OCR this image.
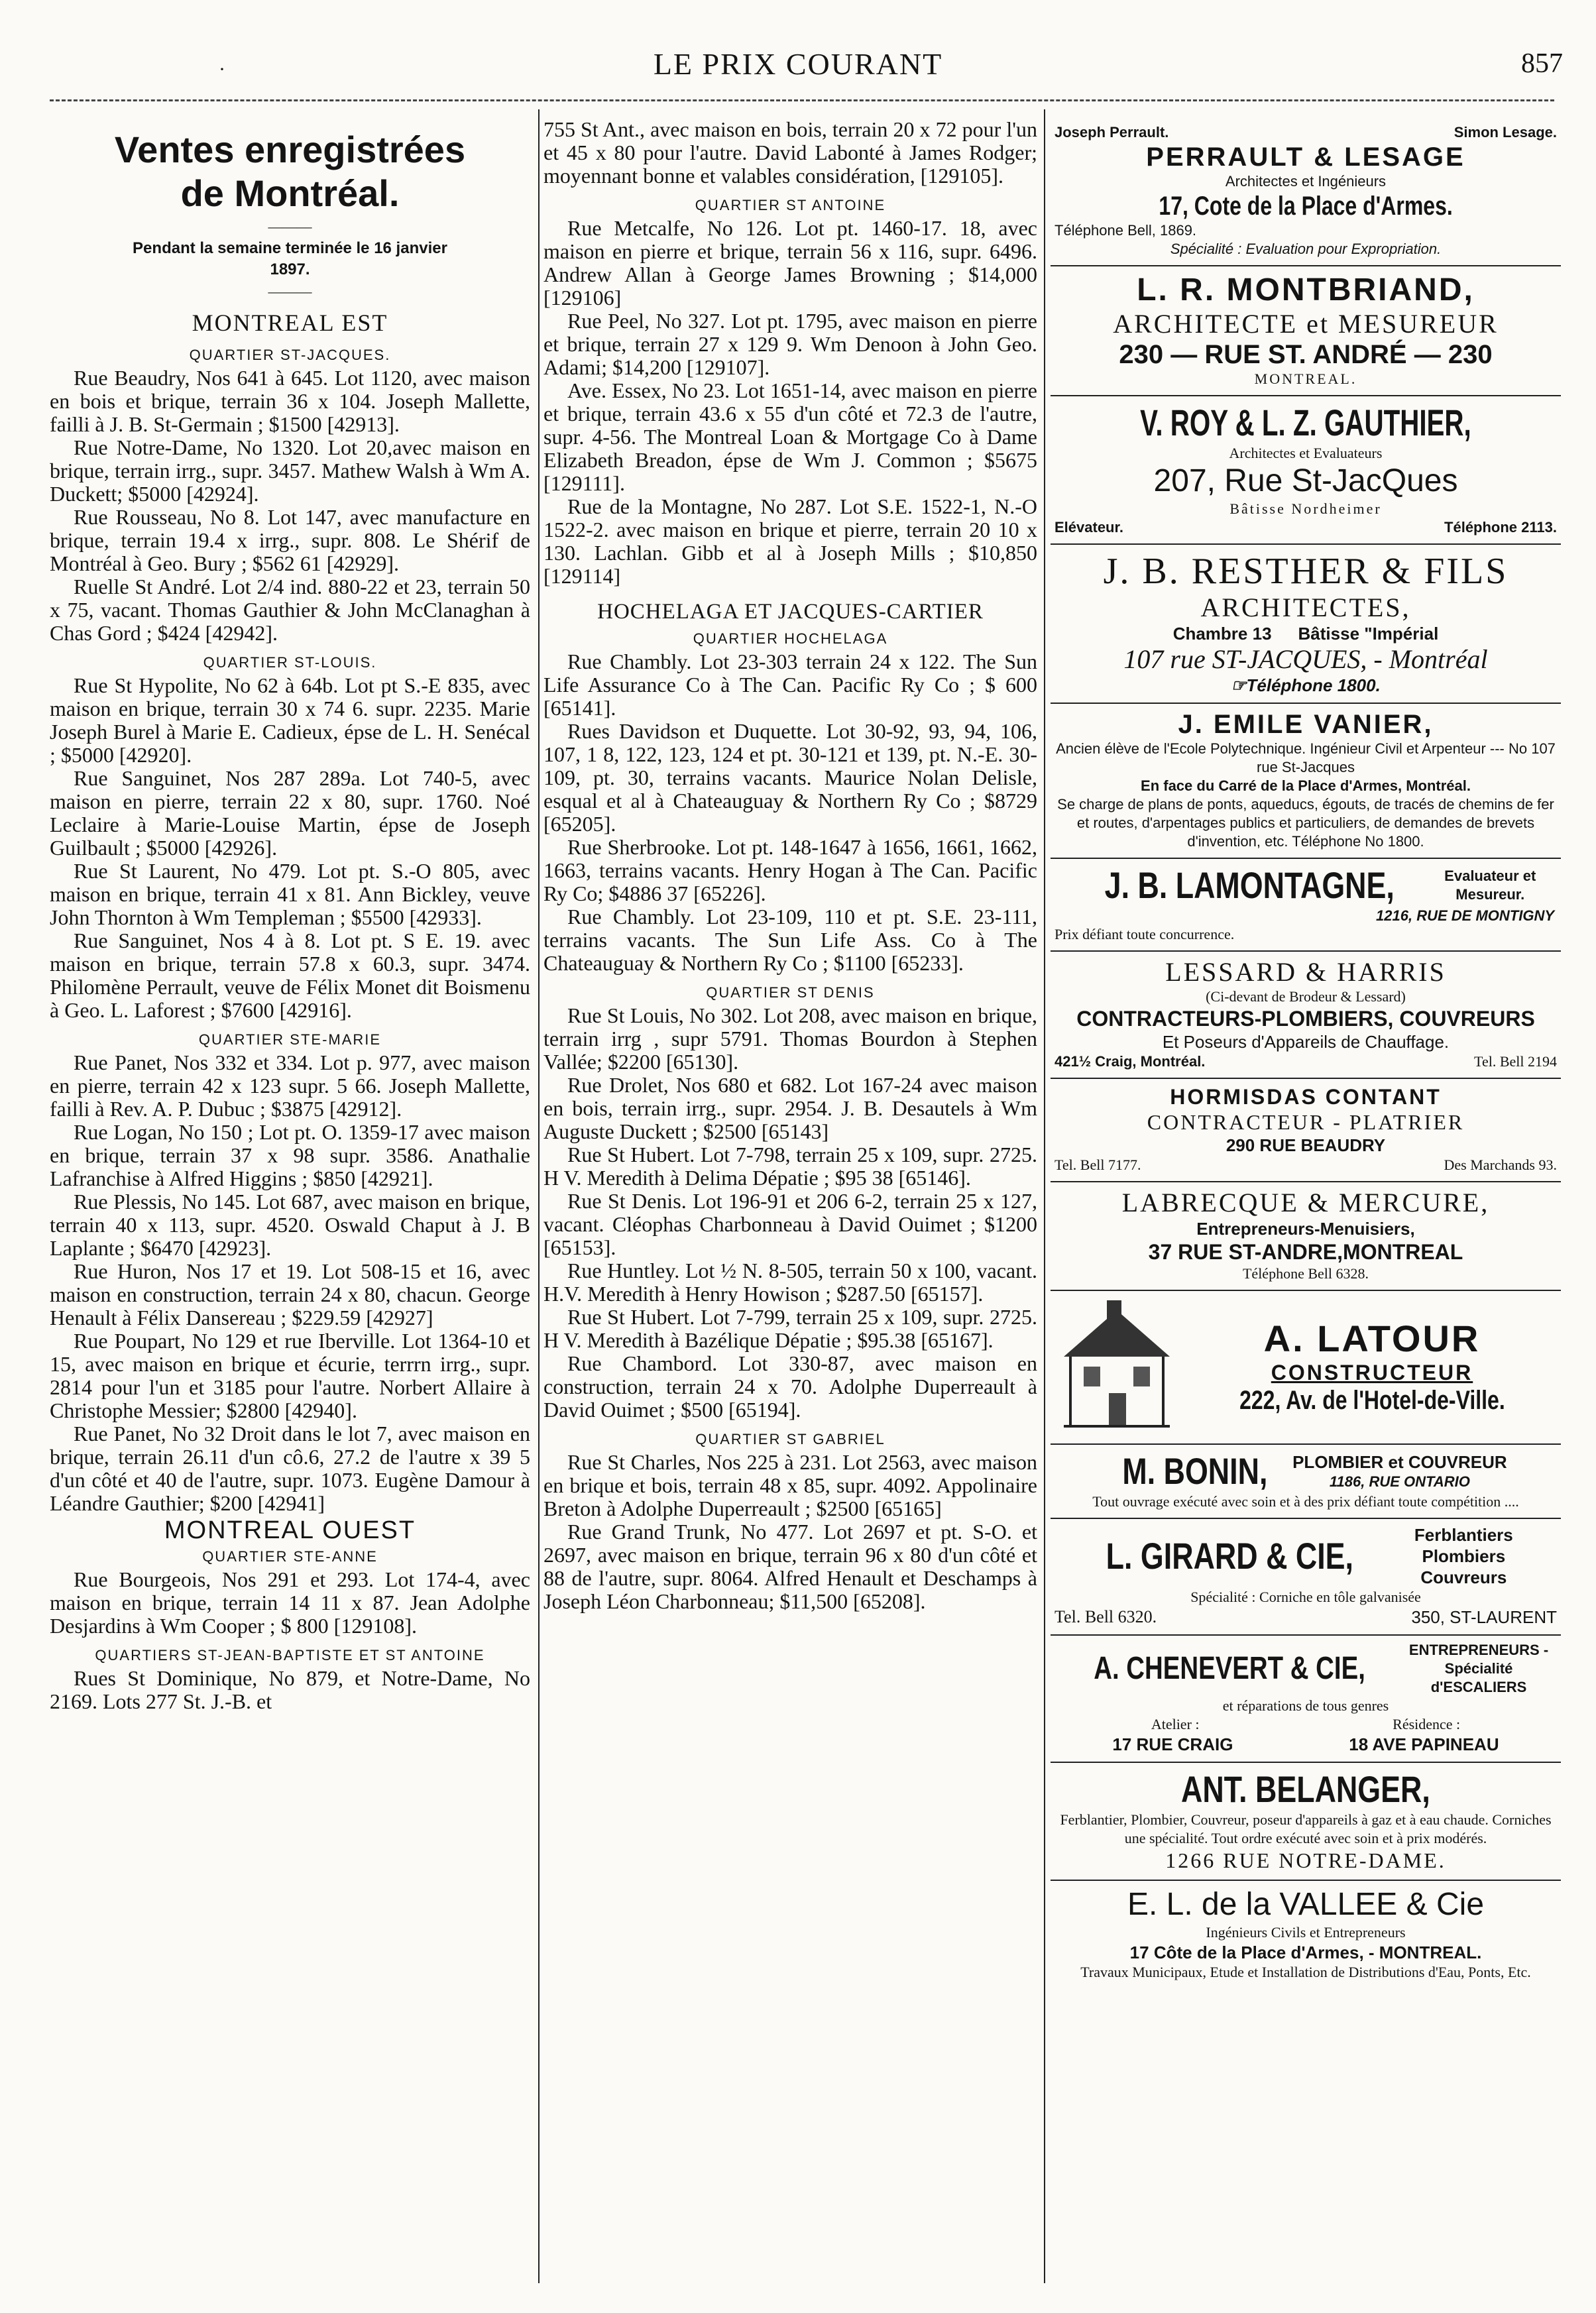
·	LE PRIX COURANT	857
Ventes enregistrées
de Montréal.
———
Pendant la semaine terminée le 16 janvier
1897.
———
MONTREAL EST
QUARTIER ST-JACQUES.

Rue Beaudry, Nos 641 à 645. Lot 1120, avec maison en bois et brique, terrain 36 x 104. Joseph Mallette, failli à J. B. St-Germain ; $1500 [42913].

Rue Notre-Dame, No 1320. Lot 20,avec maison en brique, terrain irrg., supr. 3457. Mathew Walsh à Wm A. Duckett; $5000 [42924].

Rue Rousseau, No 8. Lot 147, avec manufacture en brique, terrain 19.4 x irrg., supr. 808. Le Shérif de Montréal à Geo. Bury ; $562 61 [42929].

Ruelle St André. Lot 2/4 ind. 880-22 et 23, terrain 50 x 75, vacant. Thomas Gauthier & John McClanaghan à Chas Gord ; $424 [42942].

QUARTIER ST-LOUIS.

Rue St Hypolite, No 62 à 64b. Lot pt S.-E 835, avec maison en brique, terrain 30 x 74 6. supr. 2235. Marie Joseph Burel à Marie E. Cadieux, épse de L. H. Senécal ; $5000 [42920].

Rue Sanguinet, Nos 287 289a. Lot 740-5, avec maison en pierre, terrain 22 x 80, supr. 1760. Noé Leclaire à Marie-Louise Martin, épse de Joseph Guilbault ; $5000 [42926].

Rue St Laurent, No 479. Lot pt. S.-O 805, avec maison en brique, terrain 41 x 81. Ann Bickley, veuve John Thornton à Wm Templeman ; $5500 [42933].

Rue Sanguinet, Nos 4 à 8. Lot pt. S E. 19. avec maison en brique, terrain 57.8 x 60.3, supr. 3474. Philomène Perrault, veuve de Félix Monet dit Boismenu à Geo. L. Laforest ; $7600 [42916].

QUARTIER STE-MARIE

Rue Panet, Nos 332 et 334. Lot p. 977, avec maison en pierre, terrain 42 x 123 supr. 5 66. Joseph Mallette, failli à Rev. A. P. Dubuc ; $3875 [42912].

Rue Logan, No 150 ; Lot pt. O. 1359-17 avec maison en brique, terrain 37 x 98 supr. 3586. Anathalie Lafranchise à Alfred Higgins ; $850 [42921].

Rue Plessis, No 145. Lot 687, avec maison en brique, terrain 40 x 113, supr. 4520. Oswald Chaput à J. B Laplante ; $6470 [42923].

Rue Huron, Nos 17 et 19. Lot 508-15 et 16, avec maison en construction, terrain 24 x 80, chacun. George Henault à Félix Dansereau ; $229.59 [42927]

Rue Poupart, No 129 et rue Iberville. Lot 1364-10 et 15, avec maison en brique et écurie, terrrn irrg., supr. 2814 pour l'un et 3185 pour l'autre. Norbert Allaire à Christophe Messier; $2800 [42940].

Rue Panet, No 32 Droit dans le lot 7, avec maison en brique, terrain 26.11 d'un cô.6, 27.2 de l'autre x 39 5 d'un côté et 40 de l'autre, supr. 1073. Eugène Damour à Léandre Gauthier; $200 [42941]

MONTREAL OUEST
QUARTIER STE-ANNE

Rue Bourgeois, Nos 291 et 293. Lot 174-4, avec maison en brique, terrain 14 11 x 87. Jean Adolphe Desjardins à Wm Cooper ; $ 800 [129108].

QUARTIERS ST-JEAN-BAPTISTE ET ST ANTOINE

Rues St Dominique, No 879, et Notre-Dame, No 2169. Lots 277 St. J.-B. et

755 St Ant., avec maison en bois, terrain 20 x 72 pour l'un et 45 x 80 pour l'autre. David Labonté à James Rodger; moyennant bonne et valables considération, [129105].

QUARTIER ST ANTOINE

Rue Metcalfe, No 126. Lot pt. 1460-17. 18, avec maison en pierre et brique, terrain 56 x 116, supr. 6496. Andrew Allan à George James Browning ; $14,000 [129106]

Rue Peel, No 327. Lot pt. 1795, avec maison en pierre et brique, terrain 27 x 129 9. Wm Denoon à John Geo. Adami; $14,200 [129107].

Ave. Essex, No 23. Lot 1651-14, avec maison en pierre et brique, terrain 43.6 x 55 d'un côté et 72.3 de l'autre, supr. 4-56. The Montreal Loan & Mortgage Co à Dame Elizabeth Breadon, épse de Wm J. Common ; $5675 [129111].

Rue de la Montagne, No 287. Lot S.E. 1522-1, N.-O 1522-2. avec maison en brique et pierre, terrain 20 10 x 130. Lachlan. Gibb et al à Joseph Mills ; $10,850 [129114]

HOCHELAGA ET JACQUES-CARTIER
QUARTIER HOCHELAGA

Rue Chambly. Lot 23-303 terrain 24 x 122. The Sun Life Assurance Co à The Can. Pacific Ry Co ; $ 600 [65141].

Rues Davidson et Duquette. Lot 30-92, 93, 94, 106, 107, 1 8, 122, 123, 124 et pt. 30-121 et 139, pt. N.-E. 30-109, pt. 30, terrains vacants. Maurice Nolan Delisle, esqual et al à Chateauguay & Northern Ry Co ; $8729 [65205].

Rue Sherbrooke. Lot pt. 148-1647 à 1656, 1661, 1662, 1663, terrains vacants. Henry Hogan à The Can. Pacific Ry Co; $4886 37 [65226].

Rue Chambly. Lot 23-109, 110 et pt. S.E. 23-111, terrains vacants. The Sun Life Ass. Co à The Chateauguay & Northern Ry Co ; $1100 [65233].

QUARTIER ST DENIS

Rue St Louis, No 302. Lot 208, avec maison en brique, terrain irrg , supr 5791. Thomas Bourdon à Stephen Vallée; $2200 [65130].

Rue Drolet, Nos 680 et 682. Lot 167-24 avec maison en bois, terrain irrg., supr. 2954. J. B. Desautels à Wm Auguste Duckett ; $2500 [65143]

Rue St Hubert. Lot 7-798, terrain 25 x 109, supr. 2725. H V. Meredith à Delima Dépatie ; $95 38 [65146].

Rue St Denis. Lot 196-91 et 206 6-2, terrain 25 x 127, vacant. Cléophas Charbonneau à David Ouimet ; $1200 [65153].

Rue Huntley. Lot ½ N. 8-505, terrain 50 x 100, vacant. H.V. Meredith à Henry Howison ; $287.50 [65157].

Rue St Hubert. Lot 7-799, terrain 25 x 109, supr. 2725. H V. Meredith à Bazélique Dépatie ; $95.38 [65167].

Rue Chambord. Lot 330-87, avec maison en construction, terrain 24 x 70. Adolphe Duperreault à David Ouimet ; $500 [65194].

QUARTIER ST GABRIEL

Rue St Charles, Nos 225 à 231. Lot 2563, avec maison en brique et bois, terrain 48 x 85, supr. 4092. Appolinaire Breton à Adolphe Duperreault ; $2500 [65165]

Rue Grand Trunk, No 477. Lot 2697 et pt. S-O. et 2697, avec maison en brique, terrain 96 x 80 d'un côté et 88 de l'autre, supr. 8064. Alfred Henault et Deschamps à Joseph Léon Charbonneau; $11,500 [65208].

Joseph Perrault.	Simon Lesage.
PERRAULT & LESAGE
Architectes et Ingénieurs
17, Cote de la Place d'Armes.
Téléphone Bell, 1869.
Spécialité : Evaluation pour Expropriation.
L. R. MONTBRIAND,
ARCHITECTE et MESUREUR
230 — RUE ST. ANDRÉ — 230
MONTREAL.
V. ROY & L. Z. GAUTHIER,
Architectes et Evaluateurs
207, Rue St-JacQues
Bâtisse Nordheimer
Elévateur.	Téléphone 2113.
J. B. RESTHER & FILS
ARCHITECTES,
Chambre 13 Bâtisse "Impérial
107 rue ST-JACQUES, - Montréal
☞Téléphone 1800.
J. EMILE VANIER,
Ancien élève de l'Ecole Polytechnique. Ingénieur Civil et Arpenteur --- No 107 rue St-Jacques
En face du Carré de la Place d'Armes, Montréal.
Se charge de plans de ponts, aqueducs, égouts, de tracés de chemins de fer et routes, d'arpentages publics et particuliers, de demandes de brevets d'invention, etc. Téléphone No 1800.
J. B. LAMONTAGNE,	Evaluateur et Mesureur.
1216, RUE DE MONTIGNY
Prix défiant toute concurrence.
LESSARD & HARRIS
(Ci-devant de Brodeur & Lessard)
CONTRACTEURS-PLOMBIERS, COUVREURS
Et Poseurs d'Appareils de Chauffage.
421½ Craig, Montréal.	Tel. Bell 2194
HORMISDAS CONTANT
CONTRACTEUR - PLATRIER
290 RUE BEAUDRY
Tel. Bell 7177.	Des Marchands 93.
LABRECQUE & MERCURE,
Entrepreneurs-Menuisiers,
37 RUE ST-ANDRE,MONTREAL
Téléphone Bell 6328.
A. LATOUR
CONSTRUCTEUR
222, Av. de l'Hotel-de-Ville.
M. BONIN, PLOMBIER et COUVREUR
1186, RUE ONTARIO
Tout ouvrage exécuté avec soin et à des prix défiant toute compétition ....
L. GIRARD & CIE,	Ferblantiers Plombiers Couvreurs
Spécialité : Corniche en tôle galvanisée
Tel. Bell 6320.	350, ST-LAURENT
A. CHENEVERT & CIE,
ENTREPRENEURS - Spécialité d'ESCALIERS
et réparations de tous genres
Atelier :	Résidence :
17 RUE CRAIG	18 AVE PAPINEAU
ANT. BELANGER,
Ferblantier, Plombier, Couvreur, poseur d'appareils à gaz et à eau chaude. Corniches une spécialité. Tout ordre exécuté avec soin et à prix modérés.
1266 RUE NOTRE-DAME.
E. L. de la VALLEE & Cie
Ingénieurs Civils et Entrepreneurs
17 Côte de la Place d'Armes, - MONTREAL.
Travaux Municipaux, Etude et Installation de Distributions d'Eau, Ponts, Etc.
